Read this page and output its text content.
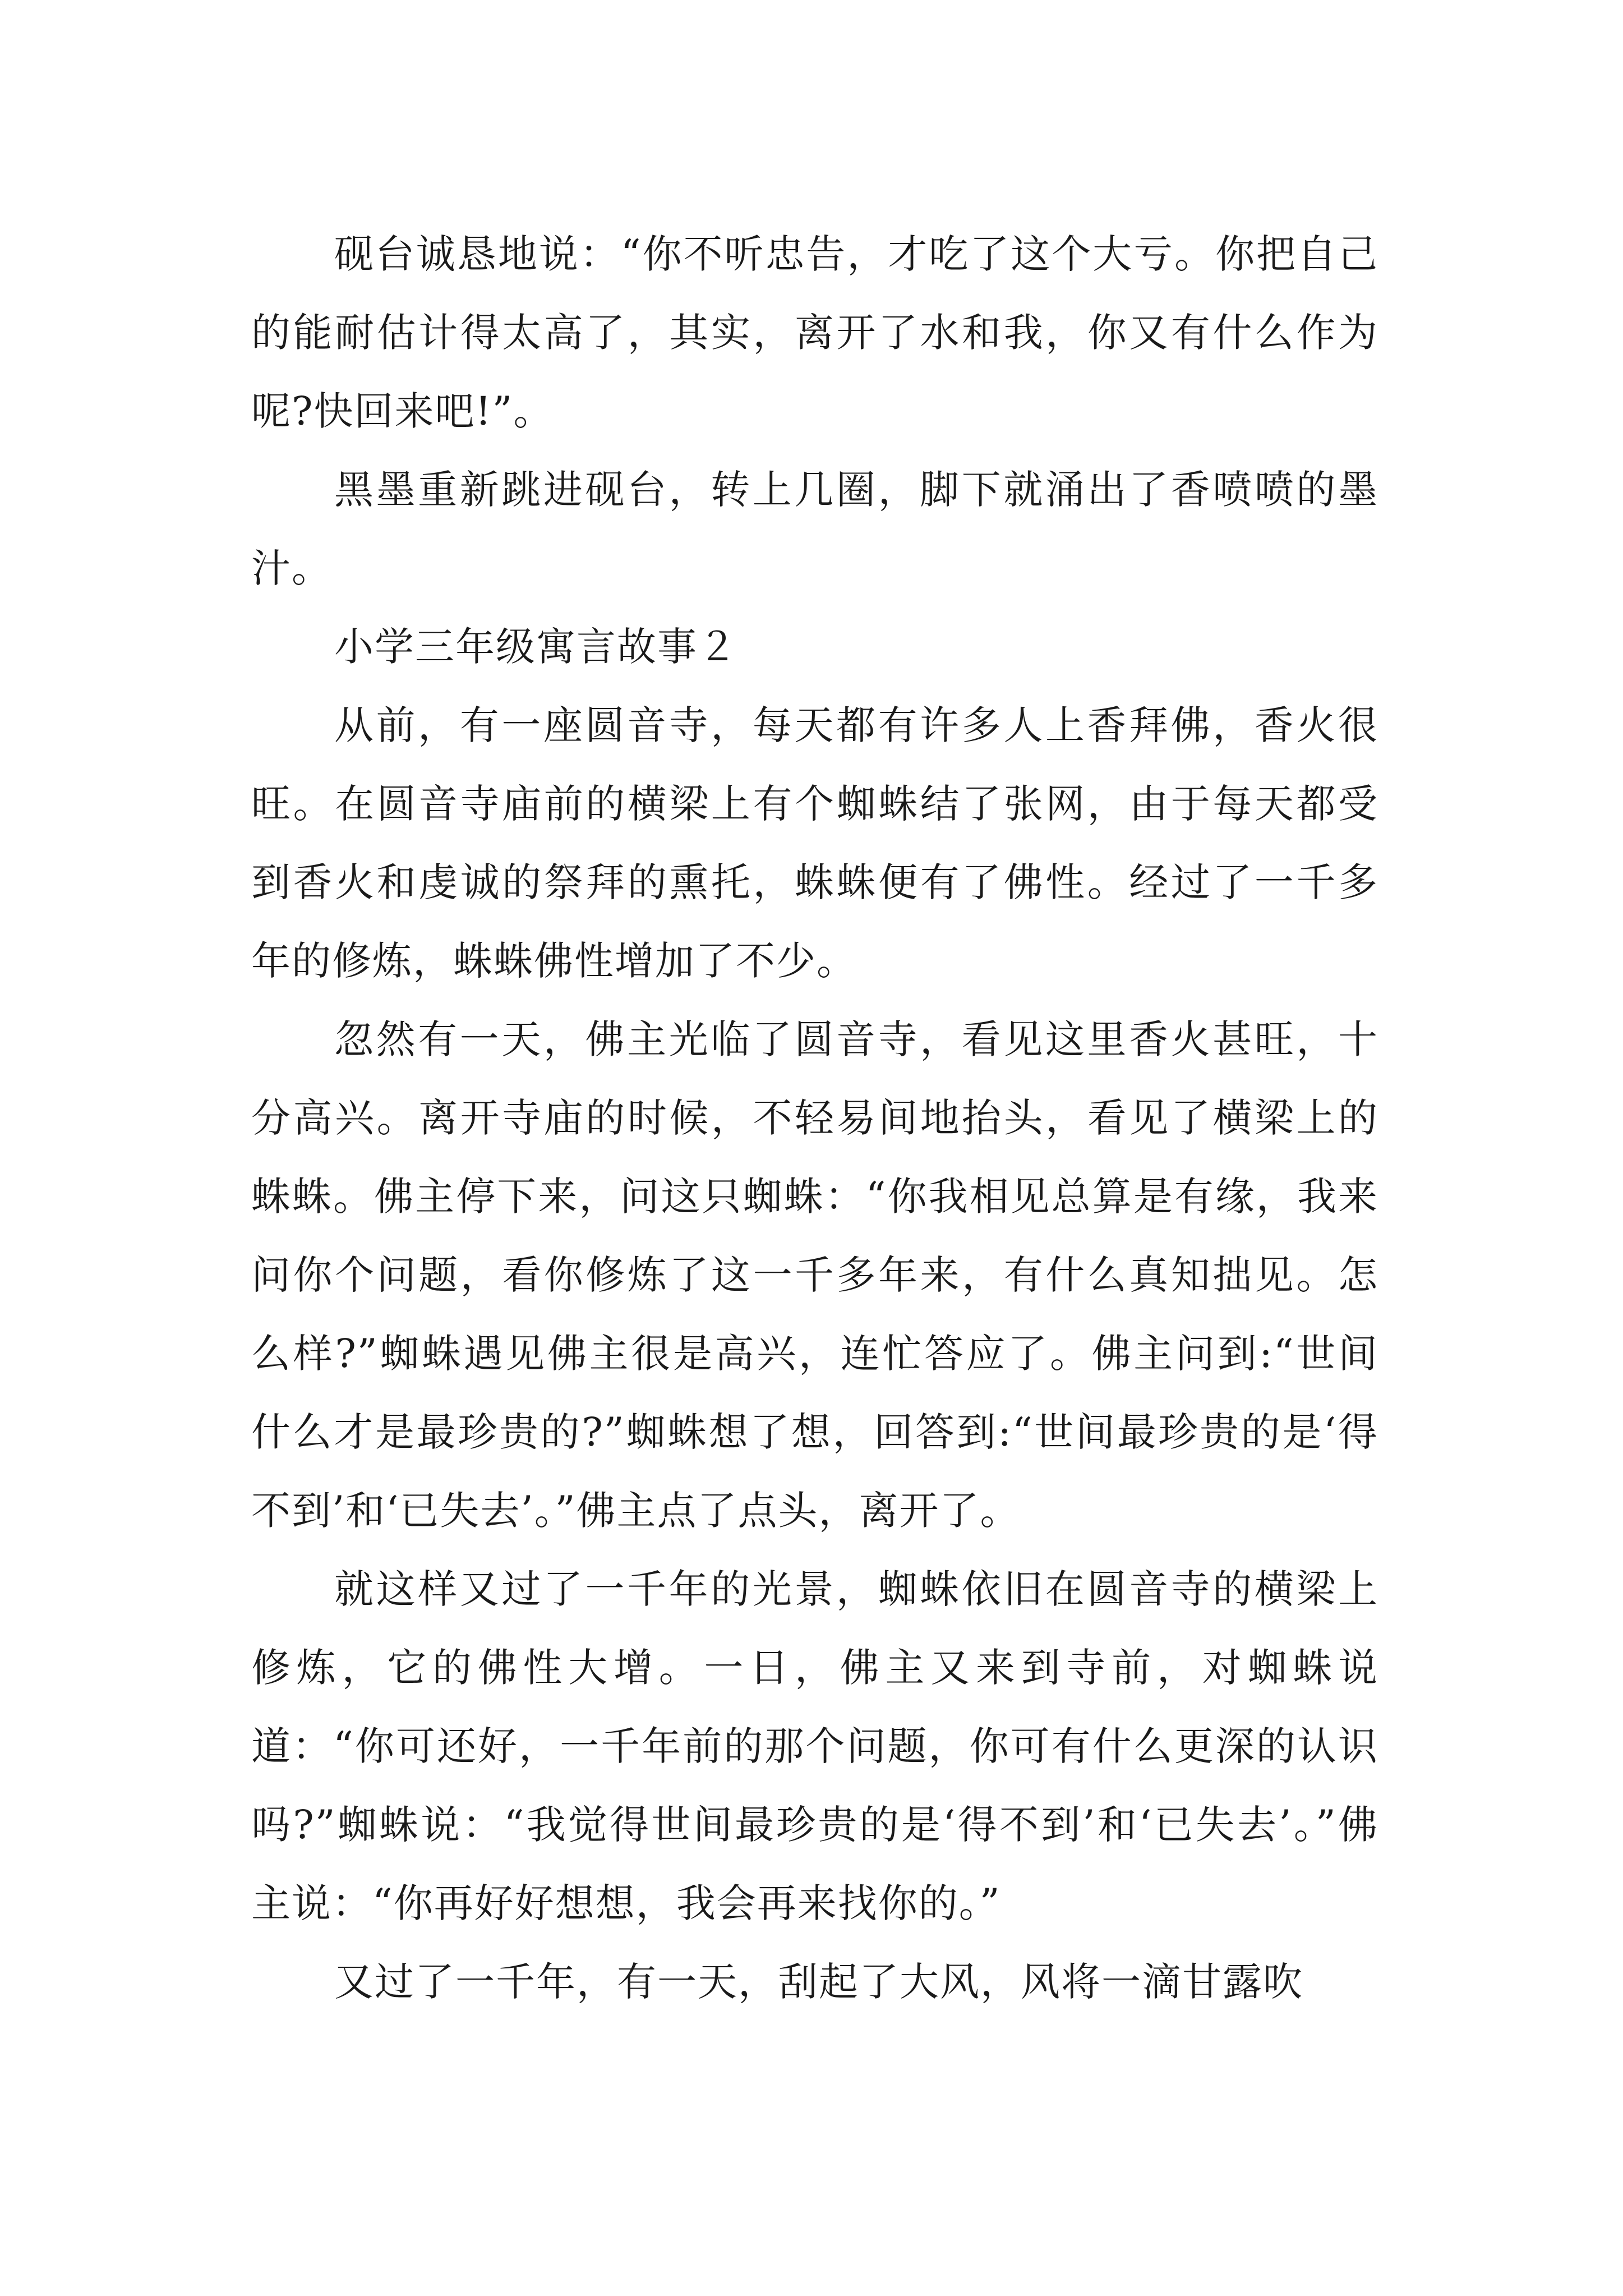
砚台诚恳地说：“你不听忠告，才吃了这个大亏。你把自己的能耐估计得太高了，其实，离开了水和我，你又有什么作为呢?快回来吧!”。

黑墨重新跳进砚台，转上几圈，脚下就涌出了香喷喷的墨汁。

小学三年级寓言故事２

从前，有一座圆音寺，每天都有许多人上香拜佛，香火很旺。在圆音寺庙前的横梁上有个蜘蛛结了张网，由于每天都受到香火和虔诚的祭拜的熏托，蛛蛛便有了佛性。经过了一千多年的修炼，蛛蛛佛性增加了不少。

忽然有一天，佛主光临了圆音寺，看见这里香火甚旺，十分高兴。离开寺庙的时候，不轻易间地抬头，看见了横梁上的蛛蛛。佛主停下来，问这只蜘蛛：“你我相见总算是有缘，我来问你个问题，看你修炼了这一千多年来，有什么真知拙见。怎么样?”蜘蛛遇见佛主很是高兴，连忙答应了。佛主问到:“世间什么才是最珍贵的?”蜘蛛想了想，回答到:“世间最珍贵的是‘得不到’和‘已失去’。”佛主点了点头，离开了。

就这样又过了一千年的光景，蜘蛛依旧在圆音寺的横梁上修炼，它的佛性大增。一日，佛主又来到寺前，对蜘蛛说道：“你可还好，一千年前的那个问题，你可有什么更深的认识吗?”蜘蛛说：“我觉得世间最珍贵的是‘得不到’和‘已失去’。”佛主说：“你再好好想想，我会再来找你的。”

又过了一千年，有一天，刮起了大风，风将一滴甘露吹
